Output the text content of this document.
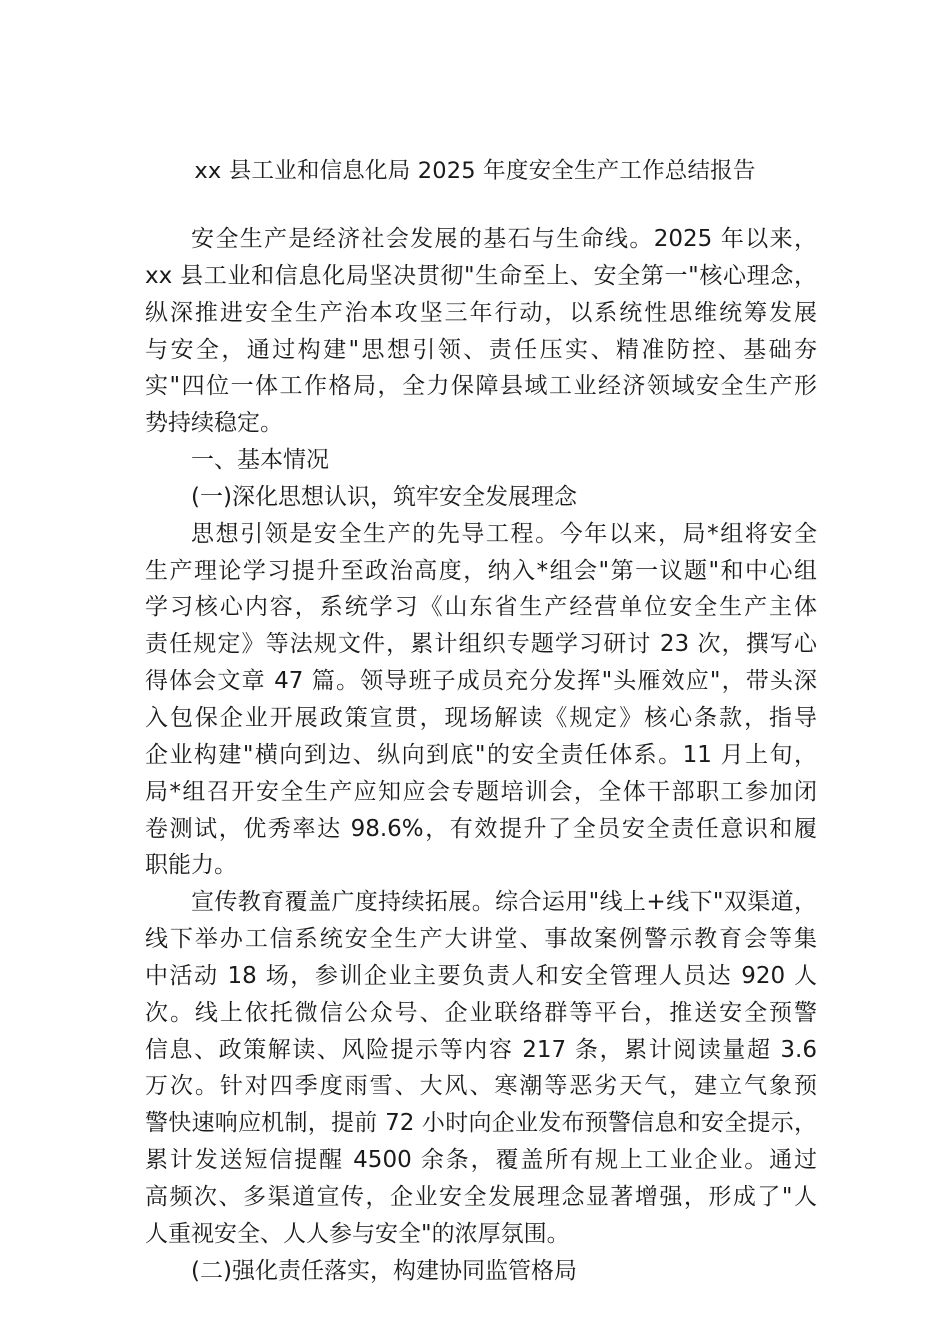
xx 县工业和信息化局 2025 年度安全生产工作总结报告
安全生产是经济社会发展的基石与生命线。2025 年以来，
xx 县工业和信息化局坚决贯彻"生命至上、安全第一"核心理念，
纵深推进安全生产治本攻坚三年行动，以系统性思维统筹发展
与安全，通过构建"思想引领、责任压实、精准防控、基础夯
实"四位一体工作格局，全力保障县域工业经济领域安全生产形
势持续稳定。
一、基本情况
(一)深化思想认识，筑牢安全发展理念
思想引领是安全生产的先导工程。今年以来，局*组将安全
生产理论学习提升至政治高度，纳入*组会"第一议题"和中心组
学习核心内容，系统学习《山东省生产经营单位安全生产主体
责任规定》等法规文件，累计组织专题学习研讨 23 次，撰写心
得体会文章 47 篇。领导班子成员充分发挥"头雁效应"，带头深
入包保企业开展政策宣贯，现场解读《规定》核心条款，指导
企业构建"横向到边、纵向到底"的安全责任体系。11 月上旬，
局*组召开安全生产应知应会专题培训会，全体干部职工参加闭
卷测试，优秀率达 98.6%，有效提升了全员安全责任意识和履
职能力。
宣传教育覆盖广度持续拓展。综合运用"线上+线下"双渠道，
线下举办工信系统安全生产大讲堂、事故案例警示教育会等集
中活动 18 场，参训企业主要负责人和安全管理人员达 920 人
次。线上依托微信公众号、企业联络群等平台，推送安全预警
信息、政策解读、风险提示等内容 217 条，累计阅读量超 3.6
万次。针对四季度雨雪、大风、寒潮等恶劣天气，建立气象预
警快速响应机制，提前 72 小时向企业发布预警信息和安全提示，
累计发送短信提醒 4500 余条，覆盖所有规上工业企业。通过
高频次、多渠道宣传，企业安全发展理念显著增强，形成了"人
人重视安全、人人参与安全"的浓厚氛围。
(二)强化责任落实，构建协同监管格局
